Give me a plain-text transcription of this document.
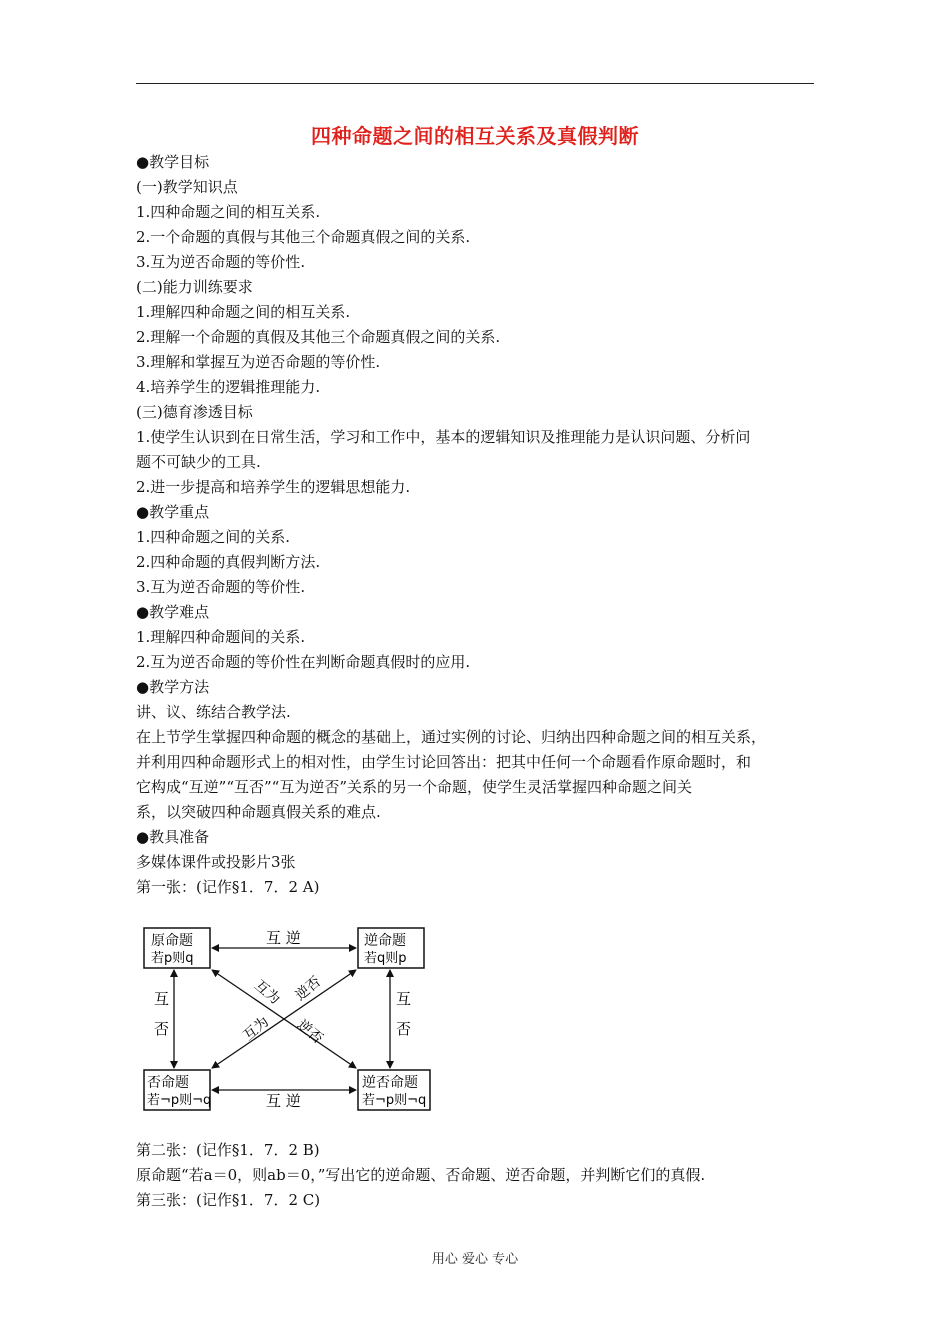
四种命题之间的相互关系及真假判断
●教学目标
(一)教学知识点
1.四种命题之间的相互关系.
2.一个命题的真假与其他三个命题真假之间的关系.
3.互为逆否命题的等价性.
(二)能力训练要求
1.理解四种命题之间的相互关系.
2.理解一个命题的真假及其他三个命题真假之间的关系.
3.理解和掌握互为逆否命题的等价性.
4.培养学生的逻辑推理能力.
(三)德育渗透目标
1.使学生认识到在日常生活，学习和工作中，基本的逻辑知识及推理能力是认识问题、分析问
题不可缺少的工具.
2.进一步提高和培养学生的逻辑思想能力.
●教学重点
1.四种命题之间的关系.
2.四种命题的真假判断方法.
3.互为逆否命题的等价性.
●教学难点
1.理解四种命题间的关系.
2.互为逆否命题的等价性在判断命题真假时的应用.
●教学方法
讲、议、练结合教学法.
在上节学生掌握四种命题的概念的基础上，通过实例的讨论、归纳出四种命题之间的相互关系，
并利用四种命题形式上的相对性，由学生讨论回答出：把其中任何一个命题看作原命题时，和
它构成“互逆”“互否”“互为逆否”关系的另一个命题，使学生灵活掌握四种命题之间关
系，以突破四种命题真假关系的难点.
●教具准备
多媒体课件或投影片3张
第一张：(记作§1．7．2 A)
原命题
若p则q
逆命题
若q则p
否命题
若¬p则¬q
逆否命题
若¬p则¬q
互 逆
互 逆
互
否
互
否
互为 逆否
互为 逆否
第二张：(记作§1．7．2 B)
原命题“若a＝0，则ab＝0，”写出它的逆命题、否命题、逆否命题，并判断它们的真假.
第三张：(记作§1．7．2 C)
用心 爱心 专心
